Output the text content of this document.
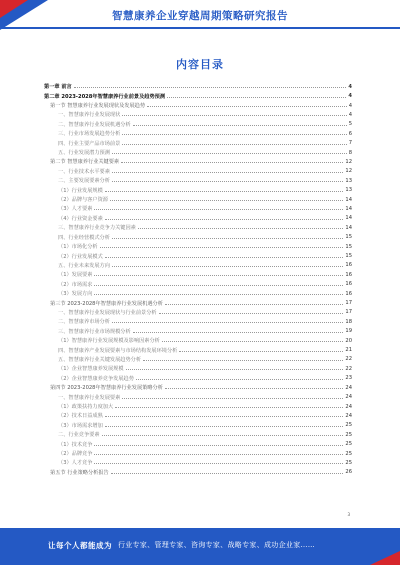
智慧康养企业穿越周期策略研究报告
内容目录
第一章 前言	4
第二章 2023-2028年智慧康养行业前景及趋势预测	4
第一节 智慧康养行业发展现状及发展趋势	4
一、智慧康养行业发展现状	4
二、智慧康养行业发展机遇分析	5
三、行业市场发展趋势分析	6
四、行业主要产品市场前景	7
五、行业发展潜力预测	8
第二节 智慧康养行业关键要素	12
一、行业技术水平要素	12
二、主要发展要素分析	13
（1）行业发展规模	13
（2）品牌与客户资源	14
（3）人才要素	14
（4）行业资金要素	14
三、智慧康养行业竞争力关键因素	14
四、行业经营模式分析	15
（1）市场化分析	15
（2）行业发展模式	15
五、行业未来发展方向	16
（1）发展要素	16
（2）市场需求	16
（3）发展方向	16
第三节 2023-2028年智慧康养行业发展机遇分析	17
一、智慧康养行业发展现状与行业前景分析	17
二、智慧康养市场分析	18
三、智慧康养行业市场规模分析	19
（1）智慧康养行业发展规模及影响因素分析	20
四、智慧康养产业发展要素与市场结构发展环境分析	21
五、智慧康养行业关键发展趋势分析	22
（1）企业智慧康养发展规模	22
（2）企业智慧康养竞争发展趋势	23
第四节 2023-2028年智慧康养行业发展策略分析	24
一、智慧康养行业发展要素	24
（1）政策扶持力度加大	24
（2）技术日益成熟	24
（3）市场需求增加	25
二、行业竞争要素	25
（1）技术竞争	25
（2）品牌竞争	25
（3）人才竞争	25
第五节 行业策略分析报告	26
3
让每个人都能成为 行业专家、管理专家、咨询专家、战略专家、成功企业家……
